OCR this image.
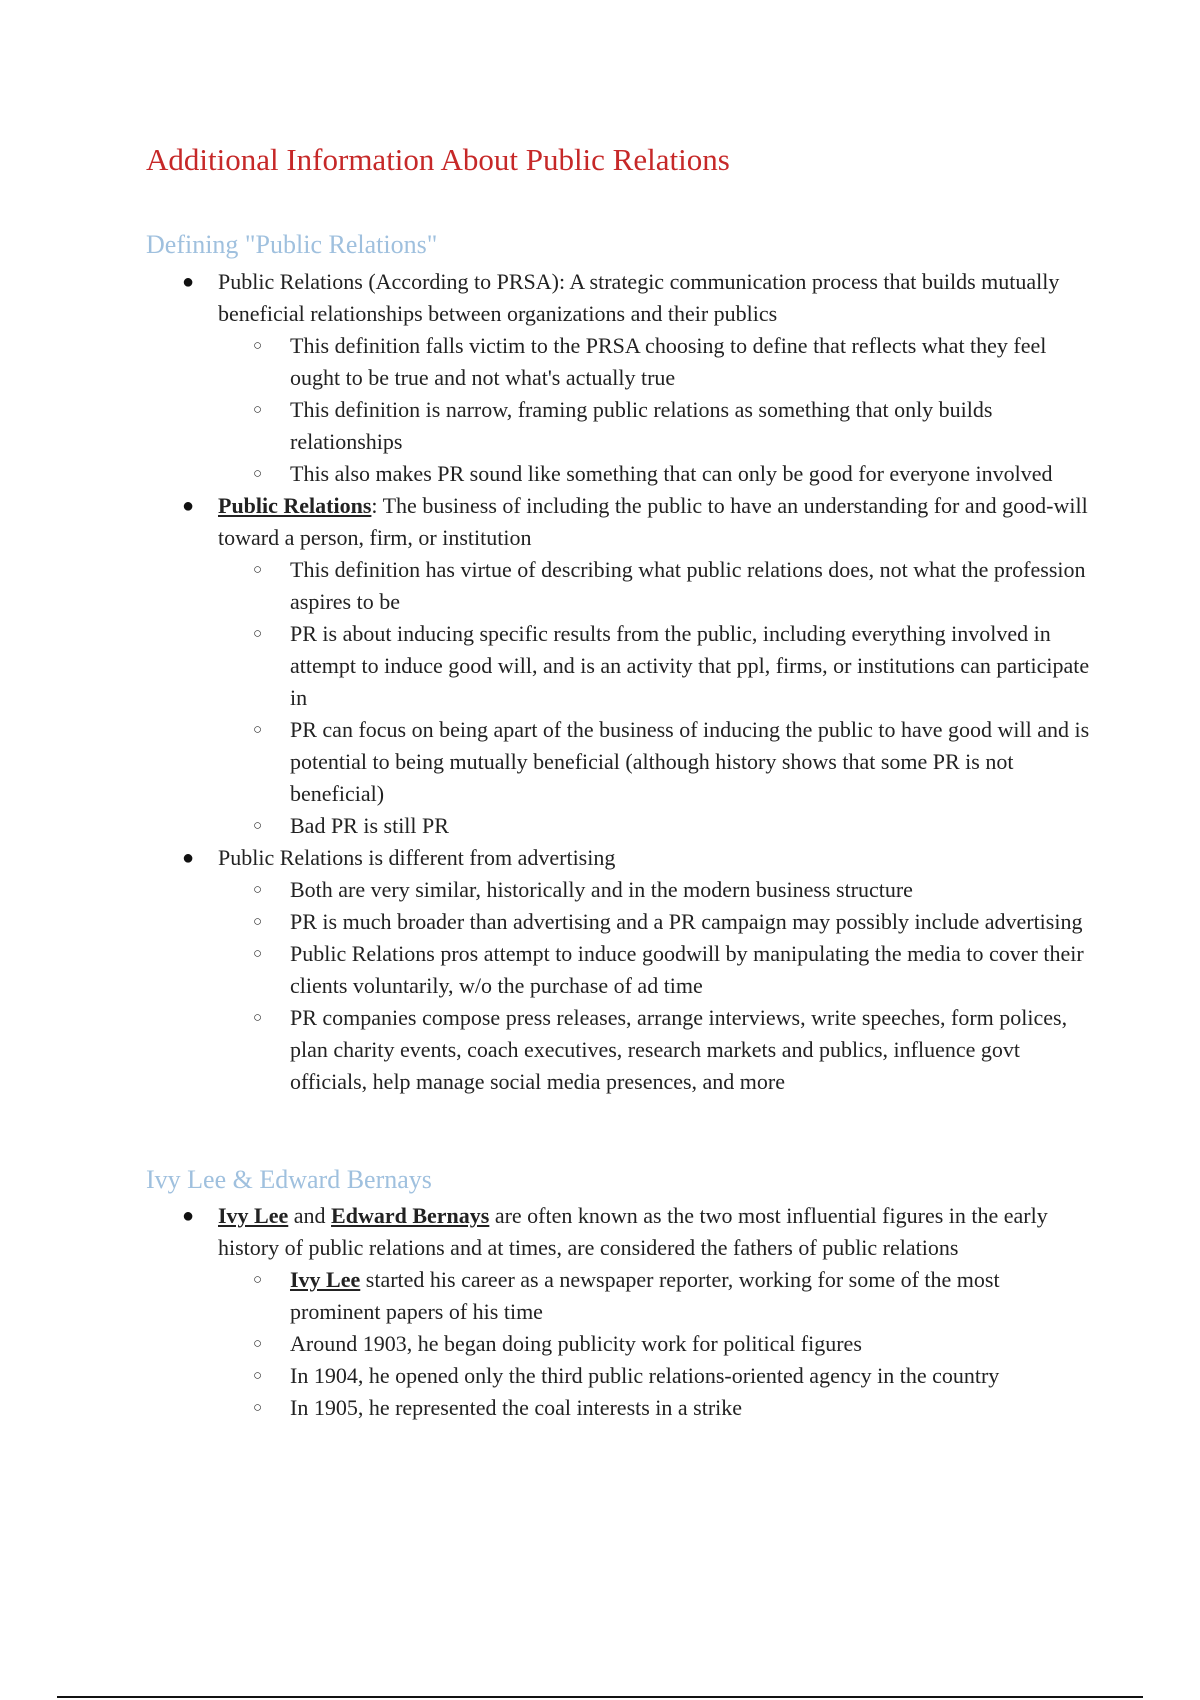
Additional Information About Public Relations
Defining "Public Relations"
● Public Relations (According to PRSA): A strategic communication process that builds mutually beneficial relationships between organizations and their publics
○ This definition falls victim to the PRSA choosing to define that reflects what they feel ought to be true and not what's actually true
○ This definition is narrow, framing public relations as something that only builds relationships
○ This also makes PR sound like something that can only be good for everyone involved
● Public Relations: The business of including the public to have an understanding for and good-will toward a person, firm, or institution
○ This definition has virtue of describing what public relations does, not what the profession aspires to be
○ PR is about inducing specific results from the public, including everything involved in attempt to induce good will, and is an activity that ppl, firms, or institutions can participate in
○ PR can focus on being apart of the business of inducing the public to have good will and is potential to being mutually beneficial (although history shows that some PR is not beneficial)
○ Bad PR is still PR
● Public Relations is different from advertising
○ Both are very similar, historically and in the modern business structure
○ PR is much broader than advertising and a PR campaign may possibly include advertising
○ Public Relations pros attempt to induce goodwill by manipulating the media to cover their clients voluntarily, w/o the purchase of ad time
○ PR companies compose press releases, arrange interviews, write speeches, form polices, plan charity events, coach executives, research markets and publics, influence govt officials, help manage social media presences, and more
Ivy Lee & Edward Bernays
● Ivy Lee and Edward Bernays are often known as the two most influential figures in the early history of public relations and at times, are considered the fathers of public relations
○ Ivy Lee started his career as a newspaper reporter, working for some of the most prominent papers of his time
○ Around 1903, he began doing publicity work for political figures
○ In 1904, he opened only the third public relations-oriented agency in the country
○ In 1905, he represented the coal interests in a strike
